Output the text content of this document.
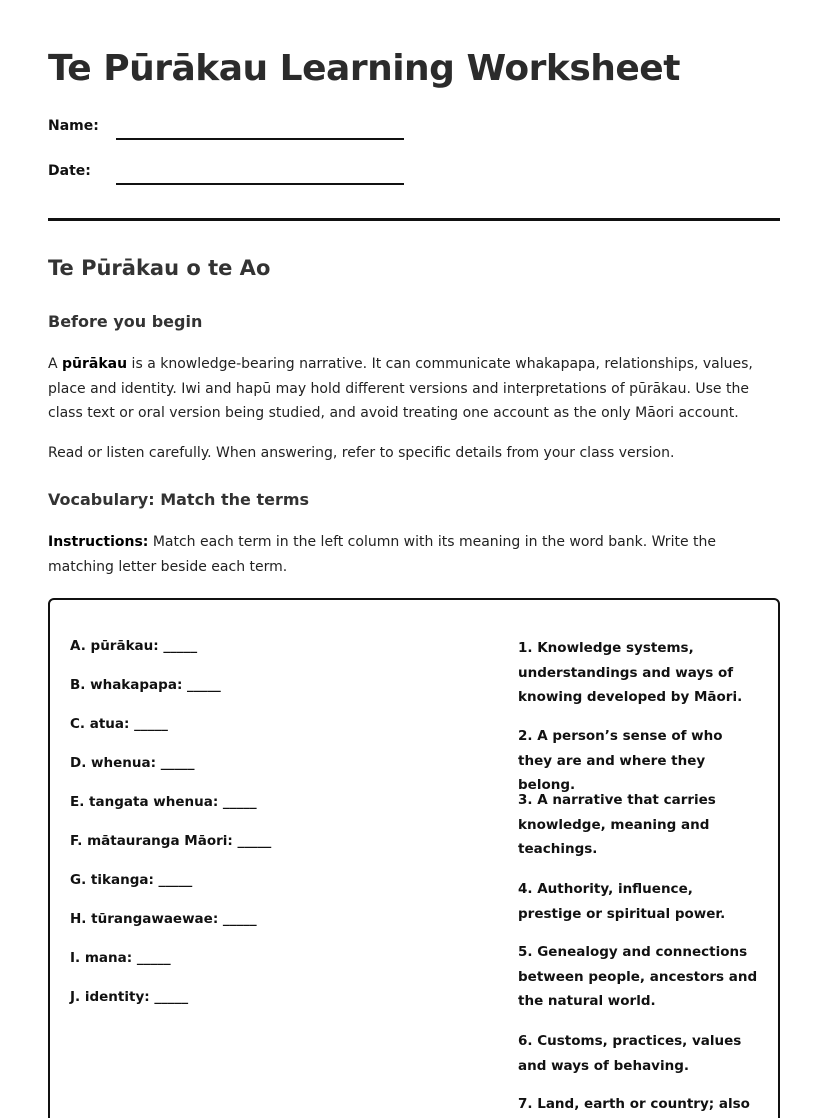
Te Pūrākau Learning Worksheet
Name:
Date:
Te Pūrākau o te Ao
Before you begin

A pūrākau is a knowledge-bearing narrative. It can communicate whakapapa, relationships, values, place and identity. Iwi and hapū may hold different versions and interpretations of pūrākau. Use the class text or oral version being studied, and avoid treating one account as the only Māori account.

Read or listen carefully. When answering, refer to specific details from your class version.

Vocabulary: Match the terms

Instructions: Match each term in the left column with its meaning in the word bank. Write the matching letter beside each term.

A. pūrākau: _____
B. whakapapa: _____
C. atua: _____
D. whenua: _____
E. tangata whenua: _____
F. mātauranga Māori: _____
G. tikanga: _____
H. tūrangawaewae: _____
I. mana: _____
J. identity: _____
1. Knowledge systems, understandings and ways of knowing developed by Māori.
2. A person’s sense of who they are and where they belong.
3. A narrative that carries knowledge, meaning and teachings.
4. Authority, influence, prestige or spiritual power.
5. Genealogy and connections between people, ancestors and the natural world.
6. Customs, practices, values and ways of behaving.
7. Land, earth or country; also
